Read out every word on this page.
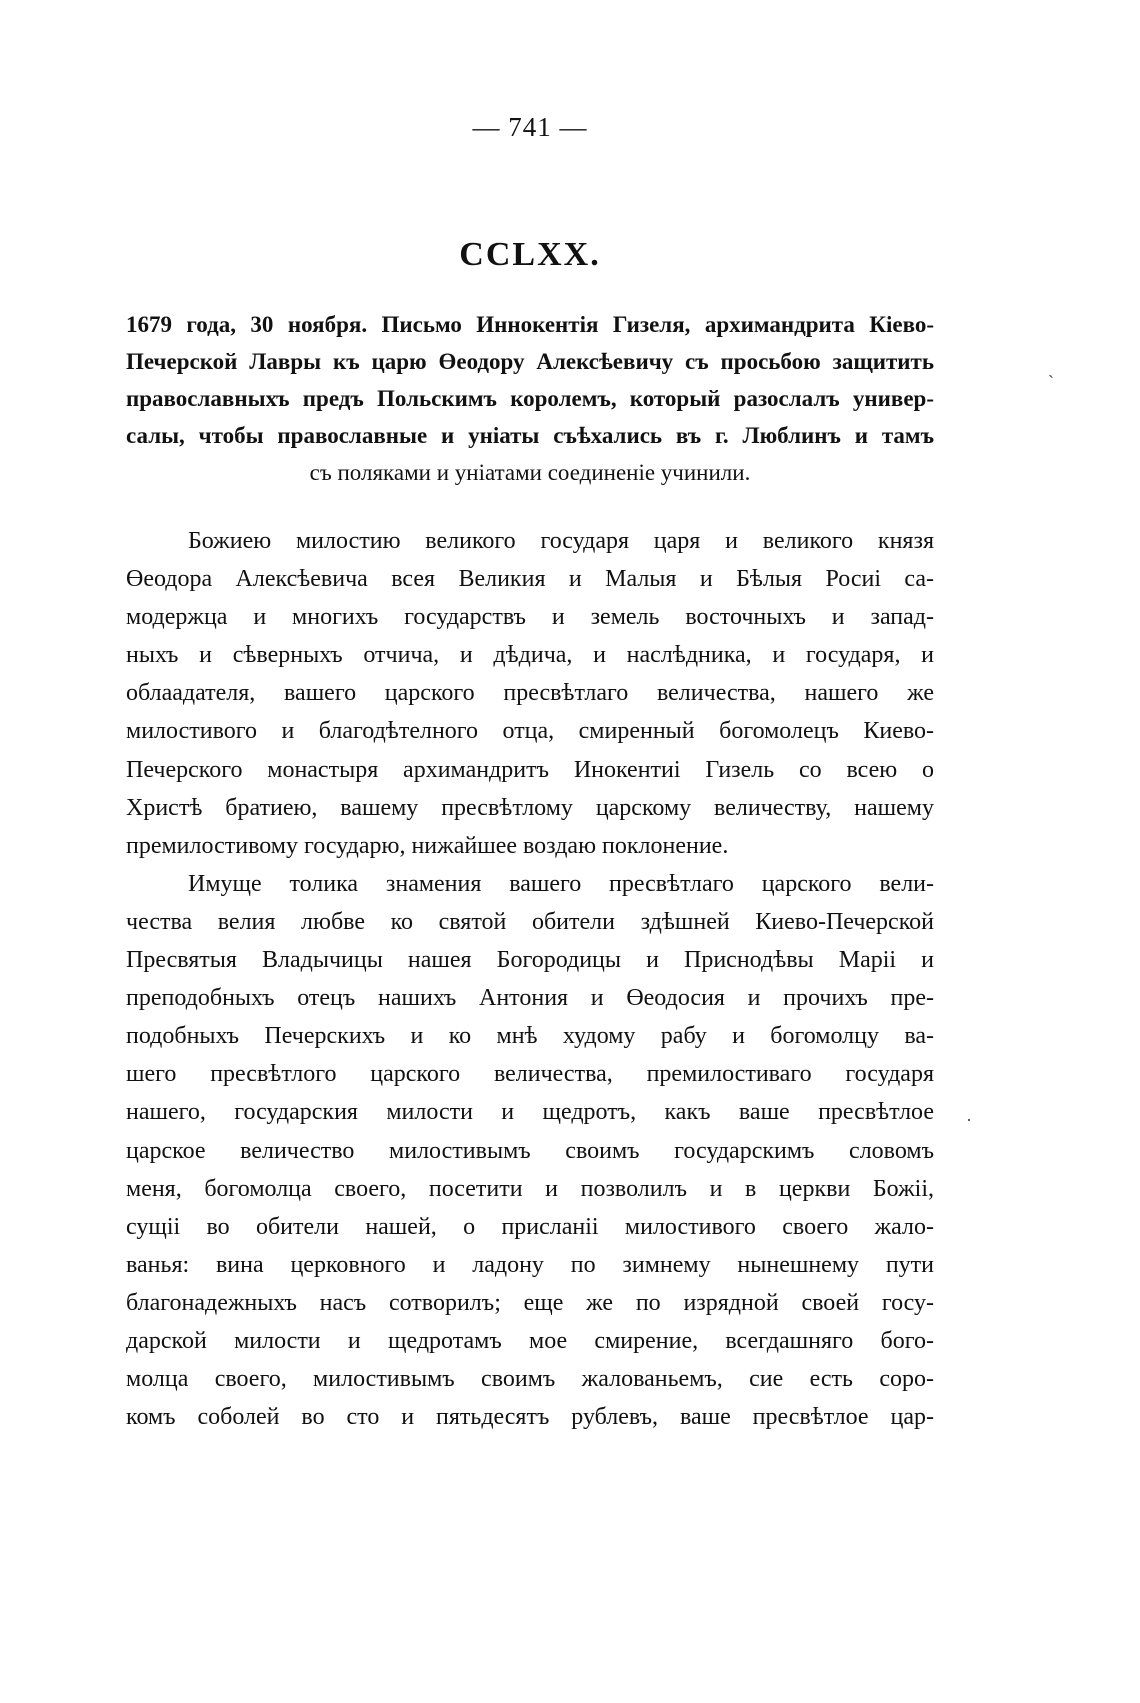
— 741 —
CCLXX.
1679 года, 30 ноября. Письмо Иннокентія Гизеля, архимандрита Кіево-
Печерской Лавры къ царю Өеодору Алексѣевичу съ просьбою защитить
православныхъ предъ Польскимъ королемъ, который разослалъ универ-
салы, чтобы православные и уніаты съѣхались въ г. Люблинъ и тамъ
съ поляками и уніатами соединеніе учинили.
Божиею милостию великого государя царя и великого князя
Өеодора Алексѣевича всея Великия и Малыя и Бѣлыя Росиі са-
модержца и многихъ государствъ и земель восточныхъ и запад-
ныхъ и сѣверныхъ отчича, и дѣдича, и наслѣдника, и государя, и
облаадателя, вашего царского пресвѣтлаго величества, нашего же
милостивого и благодѣтелного отца, смиренный богомолецъ Киево-
Печерского монастыря архимандритъ Инокентиі Гизель со всею о
Христѣ братиею, вашему пресвѣтлому царскому величеству, нашему
премилостивому государю, нижайшее воздаю поклонение.
Имуще толика знамения вашего пресвѣтлаго царского вели-
чества велия любве ко святой обители здѣшней Киево-Печерской
Пресвятыя Владычицы нашея Богородицы и Приснодѣвы Маріі и
преподобныхъ отецъ нашихъ Антония и Өеодосия и прочихъ пре-
подобныхъ Печерскихъ и ко мнѣ худому рабу и богомолцу ва-
шего пресвѣтлого царского величества, премилостиваго государя
нашего, государския милости и щедротъ, какъ ваше пресвѣтлое
царское величество милостивымъ своимъ государскимъ словомъ
меня, богомолца своего, посетити и позволилъ и в церкви Божіі,
сущіі во обители нашей, о присланіі милостивого своего жало-
ванья: вина церковного и ладону по зимнему нынешнему пути
благонадежныхъ насъ сотворилъ; еще же по изрядной своей госу-
дарской милости и щедротамъ мое смирение, всегдашняго бого-
молца своего, милостивымъ своимъ жалованьемъ, сие есть соро-
комъ соболей во сто и пятьдесятъ рублевъ, ваше пресвѣтлое цар-
ˋ
·
